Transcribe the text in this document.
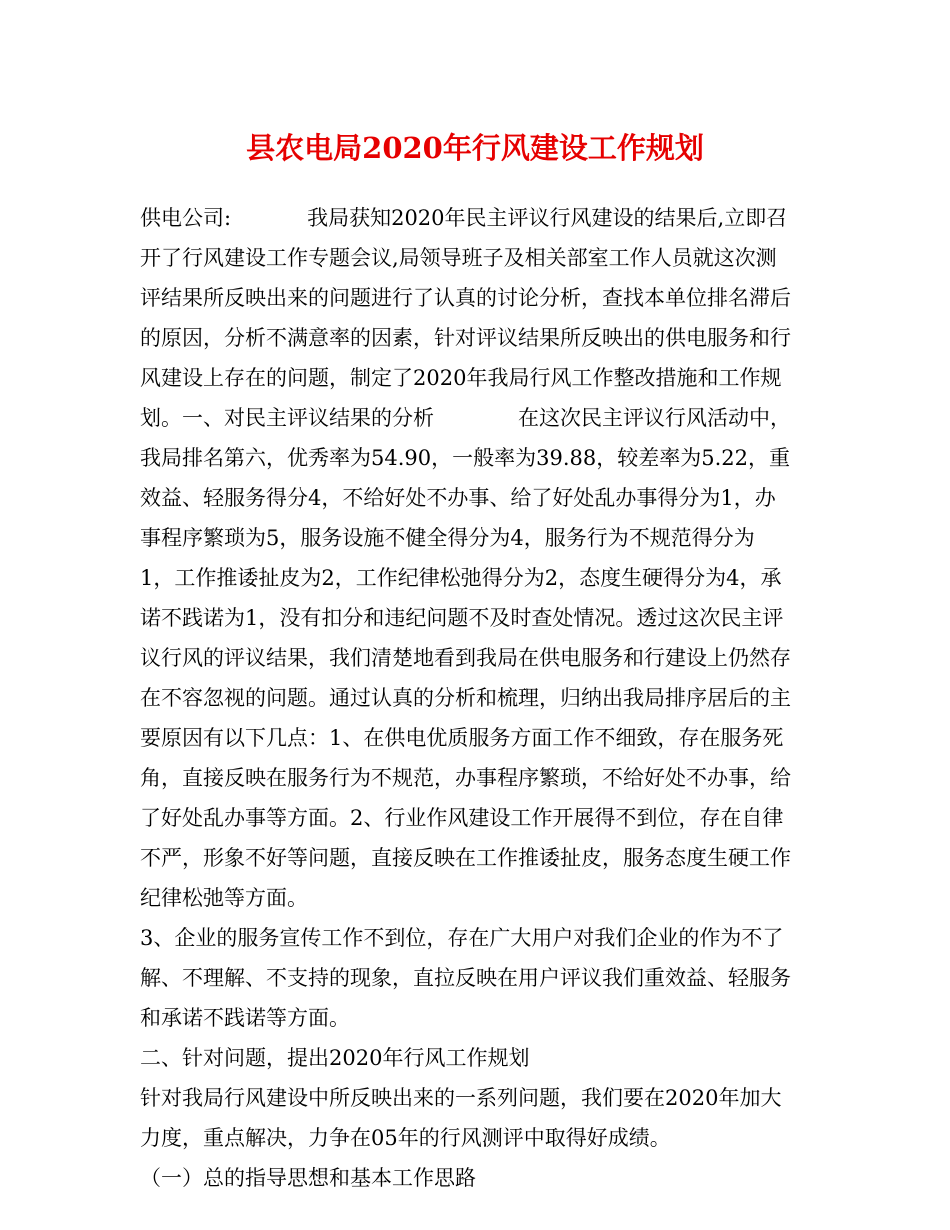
县农电局2020年行风建设工作规划

供电公司:	我局获知2020年民主评议行风建设的结果后,立即召

开了行风建设工作专题会议,局领导班子及相关部室工作人员就这次测

评结果所反映出来的问题进行了认真的讨论分析，查找本单位排名滞后

的原因，分析不满意率的因素，针对评议结果所反映出的供电服务和行

风建设上存在的问题，制定了2020年我局行风工作整改措施和工作规

划。一、对民主评议结果的分析	在这次民主评议行风活动中，

我局排名第六，优秀率为54.90，一般率为39.88，较差率为5.22，重

效益、轻服务得分4，不给好处不办事、给了好处乱办事得分为1，办

事程序繁琐为5，服务设施不健全得分为4，服务行为不规范得分为

1，工作推诿扯皮为2，工作纪律松弛得分为2，态度生硬得分为4，承

诺不践诺为1，没有扣分和违纪问题不及时查处情况。透过这次民主评

议行风的评议结果，我们清楚地看到我局在供电服务和行建设上仍然存

在不容忽视的问题。通过认真的分析和梳理，归纳出我局排序居后的主

要原因有以下几点：1、在供电优质服务方面工作不细致，存在服务死

角，直接反映在服务行为不规范，办事程序繁琐，不给好处不办事，给

了好处乱办事等方面。2、行业作风建设工作开展得不到位，存在自律

不严，形象不好等问题，直接反映在工作推诿扯皮，服务态度生硬工作

纪律松弛等方面。

3、企业的服务宣传工作不到位，存在广大用户对我们企业的作为不了

解、不理解、不支持的现象，直拉反映在用户评议我们重效益、轻服务

和承诺不践诺等方面。

二、针对问题，提出2020年行风工作规划

针对我局行风建设中所反映出来的一系列问题，我们要在2020年加大

力度，重点解决，力争在05年的行风测评中取得好成绩。

（一）总的指导思想和基本工作思路
